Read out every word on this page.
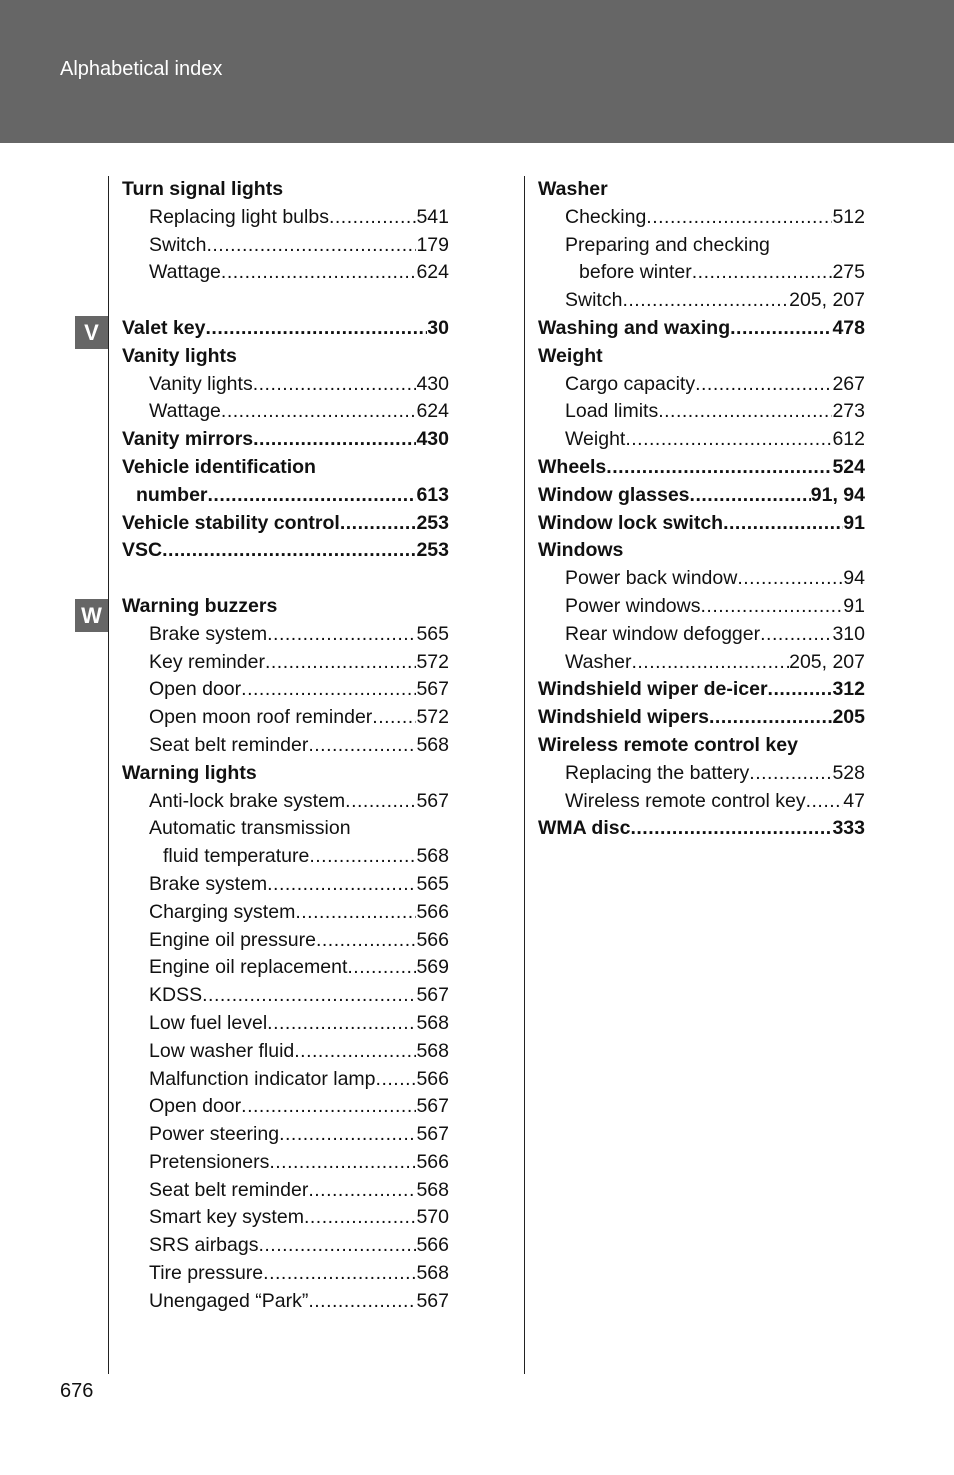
Alphabetical index
V
W
Turn signal lights
Replacing light bulbs .....	541
Switch .....	179
Wattage .....	624
Valet key .....	30
Vanity lights
Vanity lights .....	430
Wattage .....	624
Vanity mirrors .....	430
Vehicle identification
number .....	613
Vehicle stability control .....	253
VSC .....	253
Warning buzzers
Brake system .....	565
Key reminder .....	572
Open door .....	567
Open moon roof reminder ..... 572
Seat belt reminder .....	568
Warning lights
Anti-lock brake system .....	567
Automatic transmission
fluid temperature .....	568
Brake system .....	565
Charging system .....	566
Engine oil pressure .....	566
Engine oil replacement .....	569
KDSS .....	567
Low fuel level .....	568
Low washer fluid .....	568
Malfunction indicator lamp ..... 566
Open door .....	567
Power steering .....	567
Pretensioners .....	566
Seat belt reminder .....	568
Smart key system .....	570
SRS airbags .....	566
Tire pressure .....	568
Unengaged “Park” .....	567
Washer
Checking .....	512
Preparing and checking
before winter .....	275
Switch .....	205, 207
Washing and waxing .....	478
Weight
Cargo capacity .....	267
Load limits .....	273
Weight .....	612
Wheels .....	524
Window glasses .....	91, 94
Window lock switch .....	91
Windows
Power back window .....	94
Power windows .....	91
Rear window defogger .....	310
Washer .....	205, 207
Windshield wiper de-icer .....	312
Windshield wipers .....	205
Wireless remote control key
Replacing the battery .....	528
Wireless remote control key ..... 47
WMA disc .....	333
676
